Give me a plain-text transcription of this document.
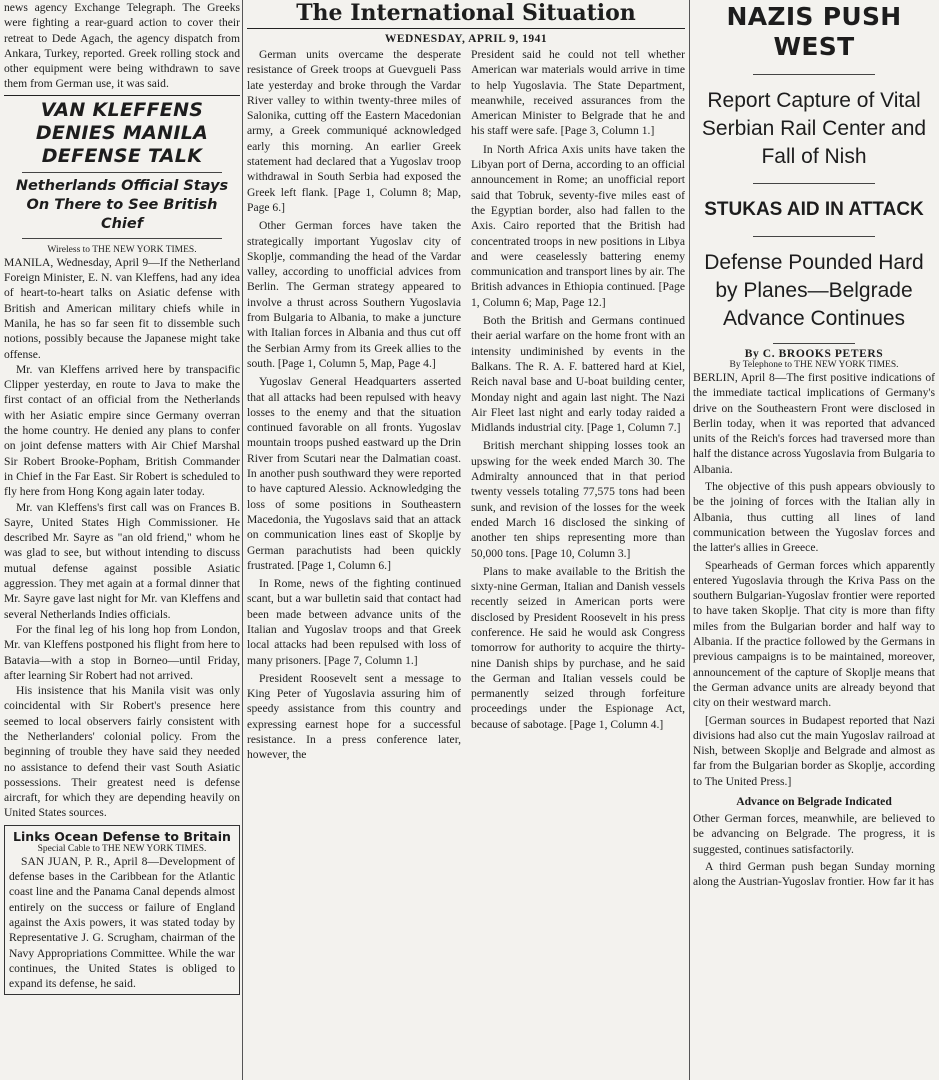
news agency Exchange Telegraph. The Greeks were fighting a rear-guard action to cover their retreat to Dede Agach, the agency dispatch from Ankara, Turkey, reported. Greek rolling stock and other equipment were being withdrawn to save them from German use, it was said.
VAN KLEFFENS DENIES MANILA DEFENSE TALK
Netherlands Official Stays On There to See British Chief
Wireless to THE NEW YORK TIMES.
MANILA, Wednesday, April 9—If the Netherland Foreign Minister, E. N. van Kleffens, had any idea of heart-to-heart talks on Asiatic defense with British and American military chiefs while in Manila, he has so far seen fit to dissemble such notions, possibly because the Japanese might take offense.
Mr. van Kleffens arrived here by transpacific Clipper yesterday, en route to Java to make the first contact of an official from the Netherlands with her Asiatic empire since Germany overran the home country. He denied any plans to confer on joint defense matters with Air Chief Marshal Sir Robert Brooke-Popham, British Commander in Chief in the Far East. Sir Robert is scheduled to fly here from Hong Kong again later today.
Mr. van Kleffens's first call was on Frances B. Sayre, United States High Commissioner. He described Mr. Sayre as "an old friend," whom he was glad to see, but without intending to discuss mutual defense against possible Asiatic aggression. They met again at a formal dinner that Mr. Sayre gave last night for Mr. van Kleffens and several Netherlands Indies officials.
For the final leg of his long hop from London, Mr. van Kleffens postponed his flight from here to Batavia—with a stop in Borneo—until Friday, after learning Sir Robert had not arrived.
His insistence that his Manila visit was only coincidental with Sir Robert's presence here seemed to local observers fairly consistent with the Netherlanders' colonial policy. From the beginning of trouble they have said they needed no assistance to defend their vast South Asiatic possessions. Their greatest need is defense aircraft, for which they are depending heavily on United States sources.
Links Ocean Defense to Britain
Special Cable to THE NEW YORK TIMES.
SAN JUAN, P. R., April 8—Development of defense bases in the Caribbean for the Atlantic coast line and the Panama Canal depends almost entirely on the success or failure of England against the Axis powers, it was stated today by Representative J. G. Scrugham, chairman of the Navy Appropriations Committee. While the war continues, the United States is obliged to expand its defense, he said.
The International Situation
WEDNESDAY, APRIL 9, 1941
German units overcame the desperate resistance of Greek troops at Guevgueli Pass late yesterday and broke through the Vardar River valley to within twenty-three miles of Salonika, cutting off the Eastern Macedonian army, a Greek communiqué acknowledged early this morning. An earlier Greek statement had declared that a Yugoslav troop withdrawal in South Serbia had exposed the Greek left flank. [Page 1, Column 8; Map, Page 6.]
Other German forces have taken the strategically important Yugoslav city of Skoplje, commanding the head of the Vardar valley, according to unofficial advices from Berlin. The German strategy appeared to involve a thrust across Southern Yugoslavia from Bulgaria to Albania, to make a juncture with Italian forces in Albania and thus cut off the Serbian Army from its Greek allies to the south. [Page 1, Column 5, Map, Page 4.]
Yugoslav General Headquarters asserted that all attacks had been repulsed with heavy losses to the enemy and that the situation continued favorable on all fronts. Yugoslav mountain troops pushed eastward up the Drin River from Scutari near the Dalmatian coast. In another push southward they were reported to have captured Alessio. Acknowledging the loss of some positions in Southeastern Macedonia, the Yugoslavs said that an attack on communication lines east of Skoplje by German parachutists had been quickly frustrated. [Page 1, Column 6.]
In Rome, news of the fighting continued scant, but a war bulletin said that contact had been made between advance units of the Italian and Yugoslav troops and that Greek local attacks had been repulsed with loss of many prisoners. [Page 7, Column 1.]
President Roosevelt sent a message to King Peter of Yugoslavia assuring him of speedy assistance from this country and expressing earnest hope for a successful resistance. In a press conference later, however, the
President said he could not tell whether American war materials would arrive in time to help Yugoslavia. The State Department, meanwhile, received assurances from the American Minister to Belgrade that he and his staff were safe. [Page 3, Column 1.]
In North Africa Axis units have taken the Libyan port of Derna, according to an official announcement in Rome; an unofficial report said that Tobruk, seventy-five miles east of the Egyptian border, also had fallen to the Axis. Cairo reported that the British had concentrated troops in new positions in Libya and were ceaselessly battering enemy communication and transport lines by air. The British advances in Ethiopia continued. [Page 1, Column 6; Map, Page 12.]
Both the British and Germans continued their aerial warfare on the home front with an intensity undiminished by events in the Balkans. The R. A. F. battered hard at Kiel, Reich naval base and U-boat building center, Monday night and again last night. The Nazi Air Fleet last night and early today raided a Midlands industrial city. [Page 1, Column 7.]
British merchant shipping losses took an upswing for the week ended March 30. The Admiralty announced that in that period twenty vessels totaling 77,575 tons had been sunk, and revision of the losses for the week ended March 16 disclosed the sinking of another ten ships representing more than 50,000 tons. [Page 10, Column 3.]
Plans to make available to the British the sixty-nine German, Italian and Danish vessels recently seized in American ports were disclosed by President Roosevelt in his press conference. He said he would ask Congress tomorrow for authority to acquire the thirty-nine Danish ships by purchase, and he said the German and Italian vessels could be permanently seized through forfeiture proceedings under the Espionage Act, because of sabotage. [Page 1, Column 4.]
NAZIS PUSH WEST
Report Capture of Vital Serbian Rail Center and Fall of Nish
STUKAS AID IN ATTACK
Defense Pounded Hard by Planes—Belgrade Advance Continues
By C. BROOKS PETERS
By Telephone to THE NEW YORK TIMES.
BERLIN, April 8—The first positive indications of the immediate tactical implications of Germany's drive on the Southeastern Front were disclosed in Berlin today, when it was reported that advanced units of the Reich's forces had traversed more than half the distance across Yugoslavia from Bulgaria to Albania.
The objective of this push appears obviously to be the joining of forces with the Italian ally in Albania, thus cutting all lines of land communication between the Yugoslav forces and the latter's allies in Greece.
Spearheads of German forces which apparently entered Yugoslavia through the Kriva Pass on the southern Bulgarian-Yugoslav frontier were reported to have taken Skoplje. That city is more than fifty miles from the Bulgarian border and half way to Albania. If the practice followed by the Germans in previous campaigns is to be maintained, moreover, announcement of the capture of Skoplje means that the German advance units are already beyond that city on their westward march.
[German sources in Budapest reported that Nazi divisions had also cut the main Yugoslav railroad at Nish, between Skoplje and Belgrade and almost as far from the Bulgarian border as Skoplje, according to The United Press.]
Advance on Belgrade Indicated
Other German forces, meanwhile, are believed to be advancing on Belgrade. The progress, it is suggested, continues satisfactorily.
A third German push began Sunday morning along the Austrian-Yugoslav frontier. How far it has
